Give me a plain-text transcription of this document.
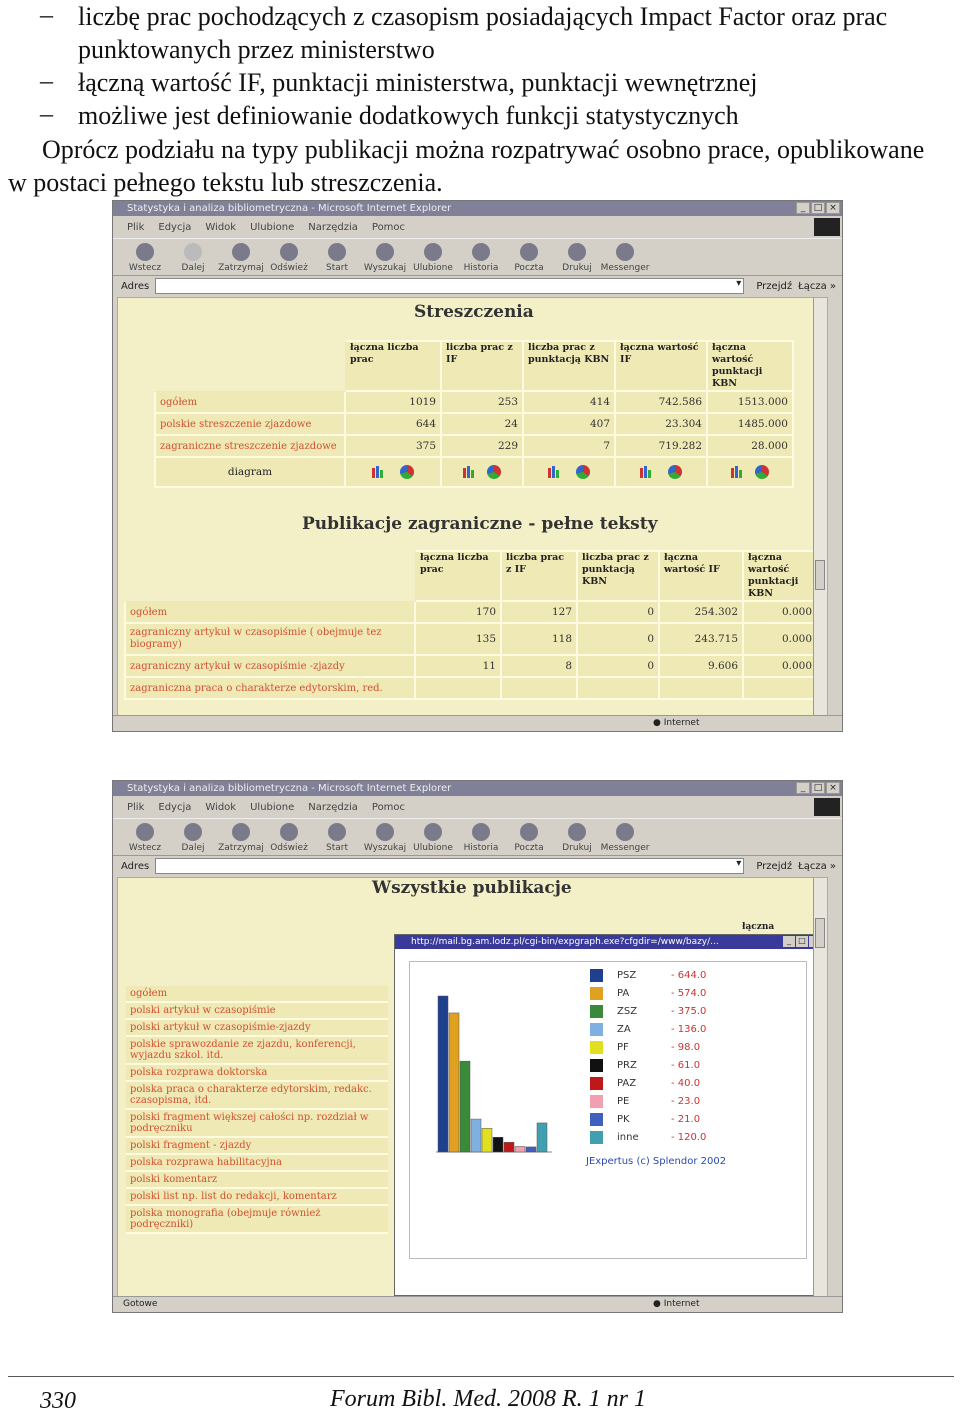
– liczbę prac pochodzących z czasopism posiadających Impact Factor oraz prac
punktowanych przez ministerstwo
– łączną wartość IF, punktacji ministerstwa, punktacji wewnętrznej
– możliwe jest definiowanie dodatkowych funkcji statystycznych
Oprócz podziału na typy publikacji można rozpatrywać osobno prace, opublikowane
w postaci pełnego tekstu lub streszczenia.
Statystyka i analiza bibliometryczna - Microsoft Internet Explorer	_ □ ×
Plik Edycja Widok Ulubione Narzędzia Pomoc
Wstecz Dalej Zatrzymaj Odśwież Start Wyszukaj Ulubione Historia Poczta Drukuj Messenger
Adres ▾	Przejdź Łącza »
Streszczenia
	łączna liczba prac	liczba prac z IF	liczba prac z punktacją KBN	łączna wartość IF	łączna wartość punktacji KBN
ogółem	1019	253	414	742.586	1513.000
polskie streszczenie zjazdowe	644	24	407	23.304	1485.000
zagraniczne streszczenie zjazdowe	375	229	7	719.282	28.000
diagram	

Publikacje zagraniczne - pełne teksty
	łączna liczba prac	liczba prac z IF	liczba prac z punktacją KBN	łączna wartość IF	łączna wartość punktacji KBN
ogółem	170	127	0	254.302	0.000
zagraniczny artykuł w czasopiśmie ( obejmuje tez biogramy)	135	118	0	243.715	0.000
zagraniczny artykuł w czasopiśmie -zjazdy	11	8	0	9.606	0.000
zagraniczna praca o charakterze edytorskim, red.					
● Internet
Statystyka i analiza bibliometryczna - Microsoft Internet Explorer	_ □ ×
Plik Edycja Widok Ulubione Narzędzia Pomoc
Wstecz Dalej Zatrzymaj Odśwież Start Wyszukaj Ulubione Historia Poczta Drukuj Messenger
Adres ▾	Przejdź Łącza »
Wszystkie publikacje
łączna
ogółem
polski artykuł w czasopiśmie
polski artykuł w czasopiśmie-zjazdy
polskie sprawozdanie ze zjazdu, konferencji, wyjazdu szkol. itd.
polska rozprawa doktorska
polska praca o charakterze edytorskim, redakc. czasopisma, itd.
polski fragment większej całości np. rozdział w podręczniku
polski fragment - zjazdy
polska rozprawa habilitacyjna
polski komentarz
polski list np. list do redakcji, komentarz
polska monografia (obejmuje również podręczniki)
http://mail.bg.am.lodz.pl/cgi-bin/expgraph.exe?cfgdir=/www/bazy/...	_ □
PSZ	- 644.0
PA	- 574.0
ZSZ	- 375.0
ZA	- 136.0
PF	- 98.0
PRZ	- 61.0
PAZ	- 40.0
PE	- 23.0
PK	- 21.0
inne	- 120.0
JExpertus (c) Splendor 2002
Gotowe	● Internet
330	Forum Bibl. Med. 2008 R. 1 nr 1
